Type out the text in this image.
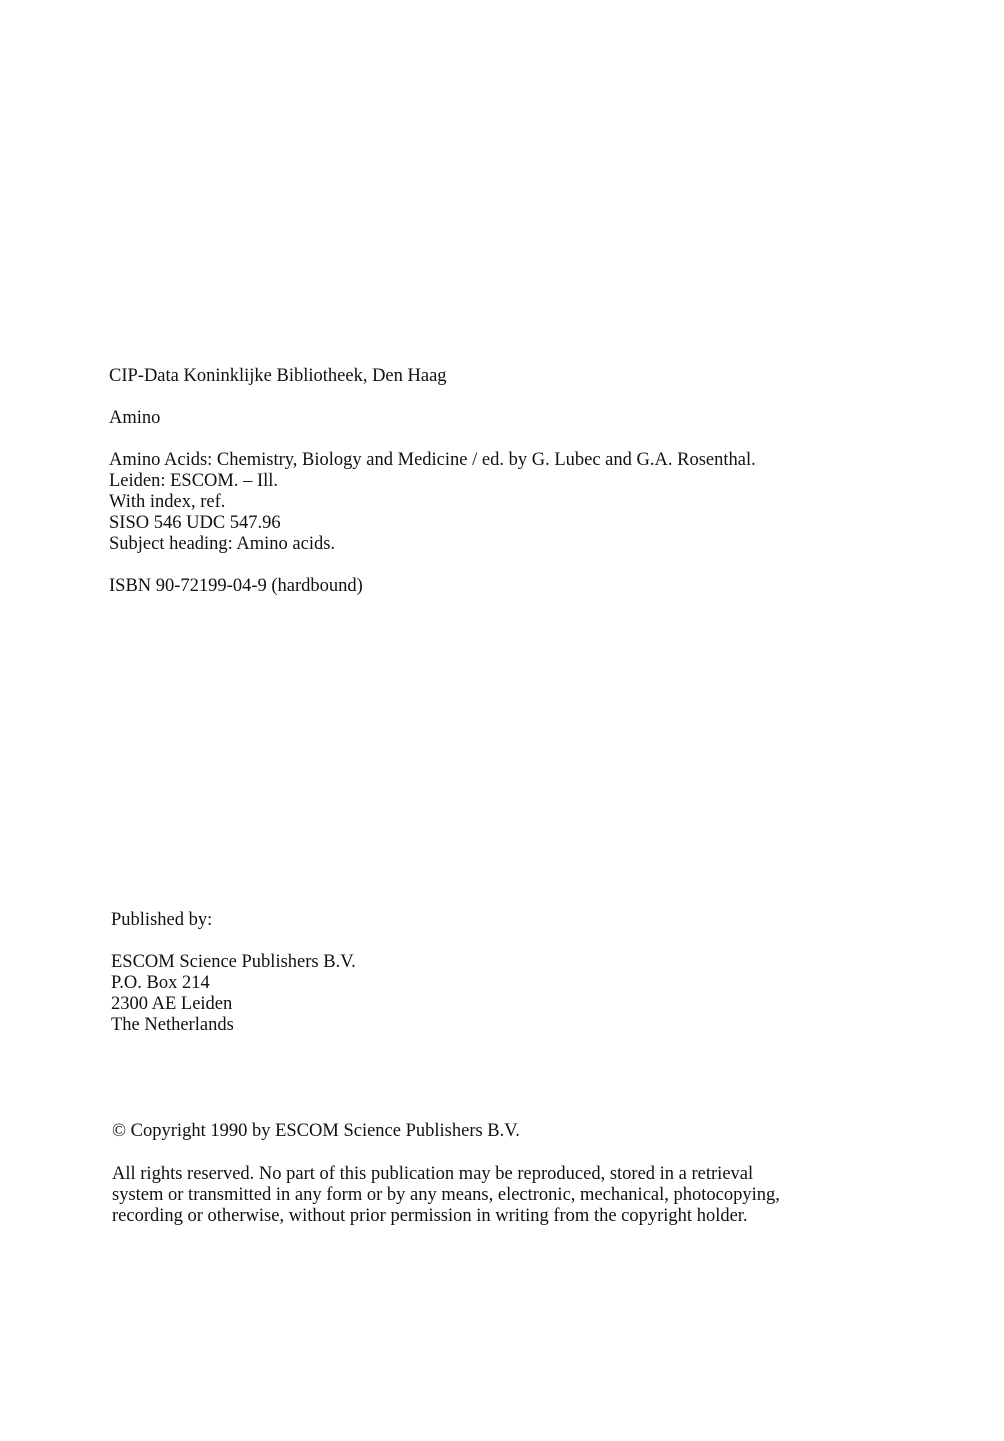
CIP-Data Koninklijke Bibliotheek, Den Haag
Amino
Amino Acids: Chemistry, Biology and Medicine / ed. by G. Lubec and G.A. Rosenthal.
Leiden: ESCOM. – Ill.
With index, ref.
SISO 546 UDC 547.96
Subject heading: Amino acids.
ISBN 90-72199-04-9 (hardbound)
Published by:
ESCOM Science Publishers B.V.
P.O. Box 214
2300 AE Leiden
The Netherlands
© Copyright 1990 by ESCOM Science Publishers B.V.
All rights reserved. No part of this publication may be reproduced, stored in a retrieval
system or transmitted in any form or by any means, electronic, mechanical, photocopying,
recording or otherwise, without prior permission in writing from the copyright holder.
